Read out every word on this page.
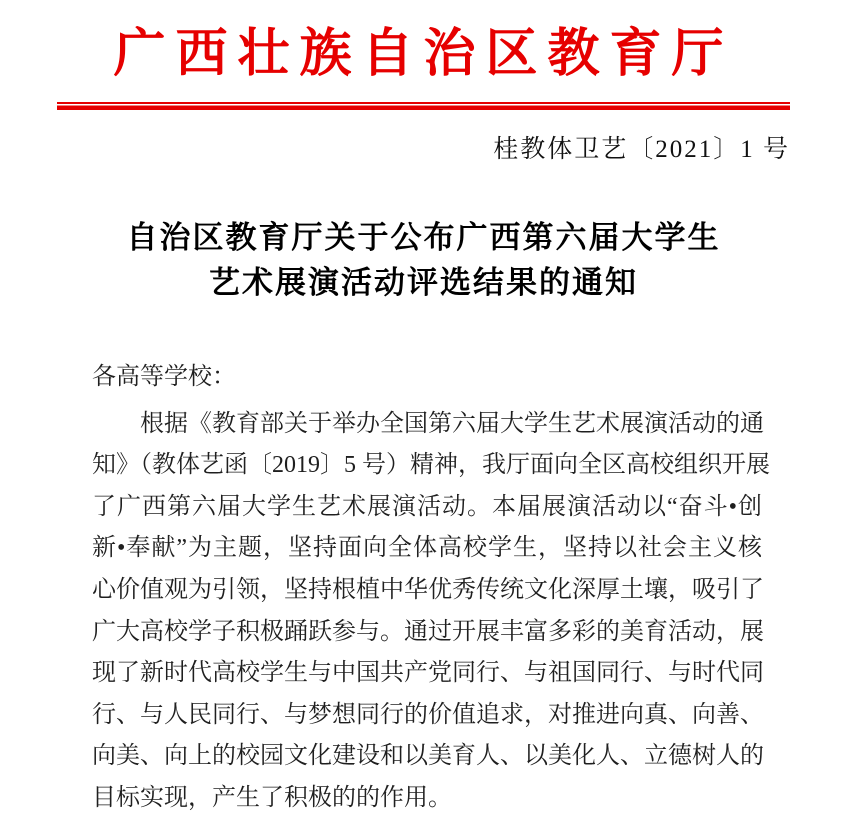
广西壮族自治区教育厅
桂教体卫艺〔2021〕1 号
自治区教育厅关于公布广西第六届大学生
艺术展演活动评选结果的通知
各高等学校：
根据《教育部关于举办全国第六届大学生艺术展演活动的通
知》（教体艺函〔2019〕5 号）精神，我厅面向全区高校组织开展
了广西第六届大学生艺术展演活动。本届展演活动以“奋斗•创
新•奉献”为主题，坚持面向全体高校学生，坚持以社会主义核
心价值观为引领，坚持根植中华优秀传统文化深厚土壤，吸引了
广大高校学子积极踊跃参与。通过开展丰富多彩的美育活动，展
现了新时代高校学生与中国共产党同行、与祖国同行、与时代同
行、与人民同行、与梦想同行的价值追求，对推进向真、向善、
向美、向上的校园文化建设和以美育人、以美化人、立德树人的
目标实现，产生了积极的的作用。
